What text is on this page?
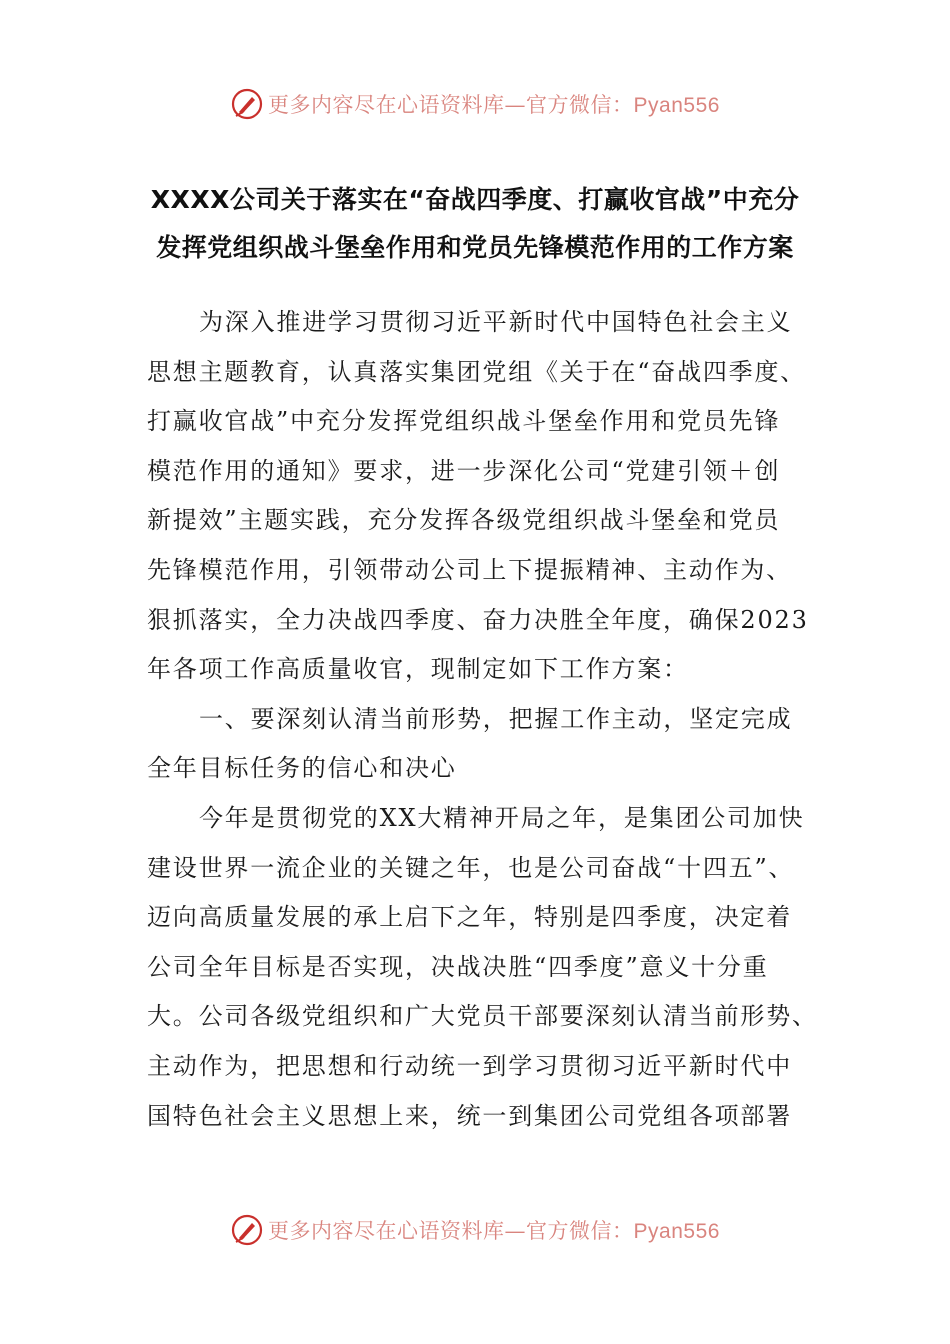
更多内容尽在心语资料库—官方微信：Pyan556
XXXX公司关于落实在“奋战四季度、打赢收官战”中充分
发挥党组织战斗堡垒作用和党员先锋模范作用的工作方案
为深入推进学习贯彻习近平新时代中国特色社会主义
思想主题教育，认真落实集团党组《关于在“奋战四季度、
打赢收官战”中充分发挥党组织战斗堡垒作用和党员先锋
模范作用的通知》要求，进一步深化公司“党建引领＋创
新提效”主题实践，充分发挥各级党组织战斗堡垒和党员
先锋模范作用，引领带动公司上下提振精神、主动作为、
狠抓落实，全力决战四季度、奋力决胜全年度，确保2023
年各项工作高质量收官，现制定如下工作方案：
一、要深刻认清当前形势，把握工作主动，坚定完成
全年目标任务的信心和决心
今年是贯彻党的XX大精神开局之年，是集团公司加快
建设世界一流企业的关键之年，也是公司奋战“十四五”、
迈向高质量发展的承上启下之年，特别是四季度，决定着
公司全年目标是否实现，决战决胜“四季度”意义十分重
大。公司各级党组织和广大党员干部要深刻认清当前形势、
主动作为，把思想和行动统一到学习贯彻习近平新时代中
国特色社会主义思想上来，统一到集团公司党组各项部署
更多内容尽在心语资料库—官方微信：Pyan556
